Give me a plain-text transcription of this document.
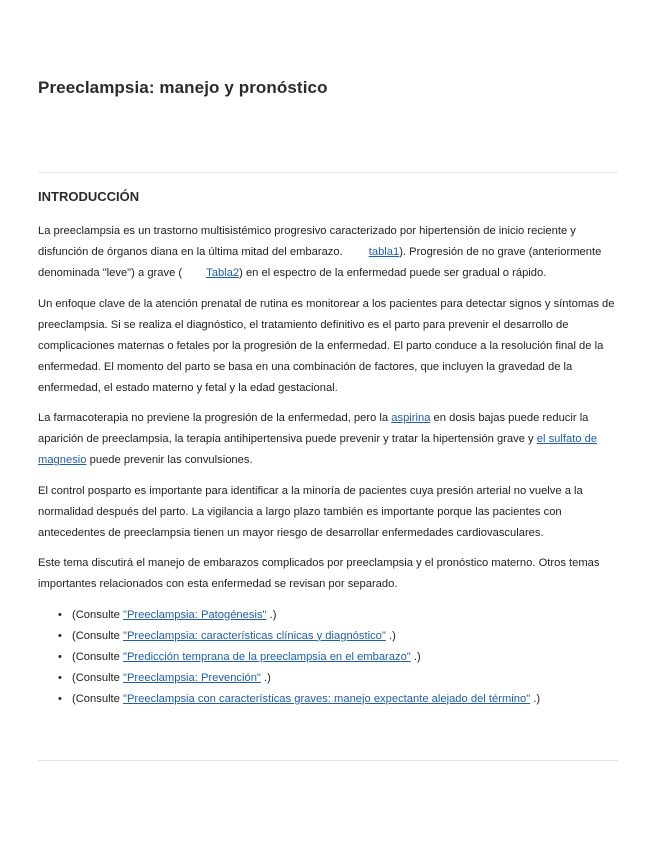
Preeclampsia: manejo y pronóstico
INTRODUCCIÓN

La preeclampsia es un trastorno multisistémico progresivo caracterizado por hipertensión de inicio reciente y disfunción de órganos diana en la última mitad del embarazo. tabla1). Progresión de no grave (anteriormente denominada "leve") a grave ( Tabla2) en el espectro de la enfermedad puede ser gradual o rápido.

Un enfoque clave de la atención prenatal de rutina es monitorear a los pacientes para detectar signos y síntomas de preeclampsia. Si se realiza el diagnóstico, el tratamiento definitivo es el parto para prevenir el desarrollo de complicaciones maternas o fetales por la progresión de la enfermedad. El parto conduce a la resolución final de la enfermedad. El momento del parto se basa en una combinación de factores, que incluyen la gravedad de la enfermedad, el estado materno y fetal y la edad gestacional.

La farmacoterapia no previene la progresión de la enfermedad, pero la aspirina en dosis bajas puede reducir la aparición de preeclampsia, la terapia antihipertensiva puede prevenir y tratar la hipertensión grave y el sulfato de magnesio puede prevenir las convulsiones.

El control posparto es importante para identificar a la minoría de pacientes cuya presión arterial no vuelve a la normalidad después del parto. La vigilancia a largo plazo también es importante porque las pacientes con antecedentes de preeclampsia tienen un mayor riesgo de desarrollar enfermedades cardiovasculares.

Este tema discutirá el manejo de embarazos complicados por preeclampsia y el pronóstico materno. Otros temas importantes relacionados con esta enfermedad se revisan por separado.

• (Consulte "Preeclampsia: Patogénesis" .)
• (Consulte "Preeclampsia: características clínicas y diagnóstico" .)
• (Consulte "Predicción temprana de la preeclampsia en el embarazo" .)
• (Consulte "Preeclampsia: Prevención" .)
• (Consulte "Preeclampsia con características graves: manejo expectante alejado del término" .)
